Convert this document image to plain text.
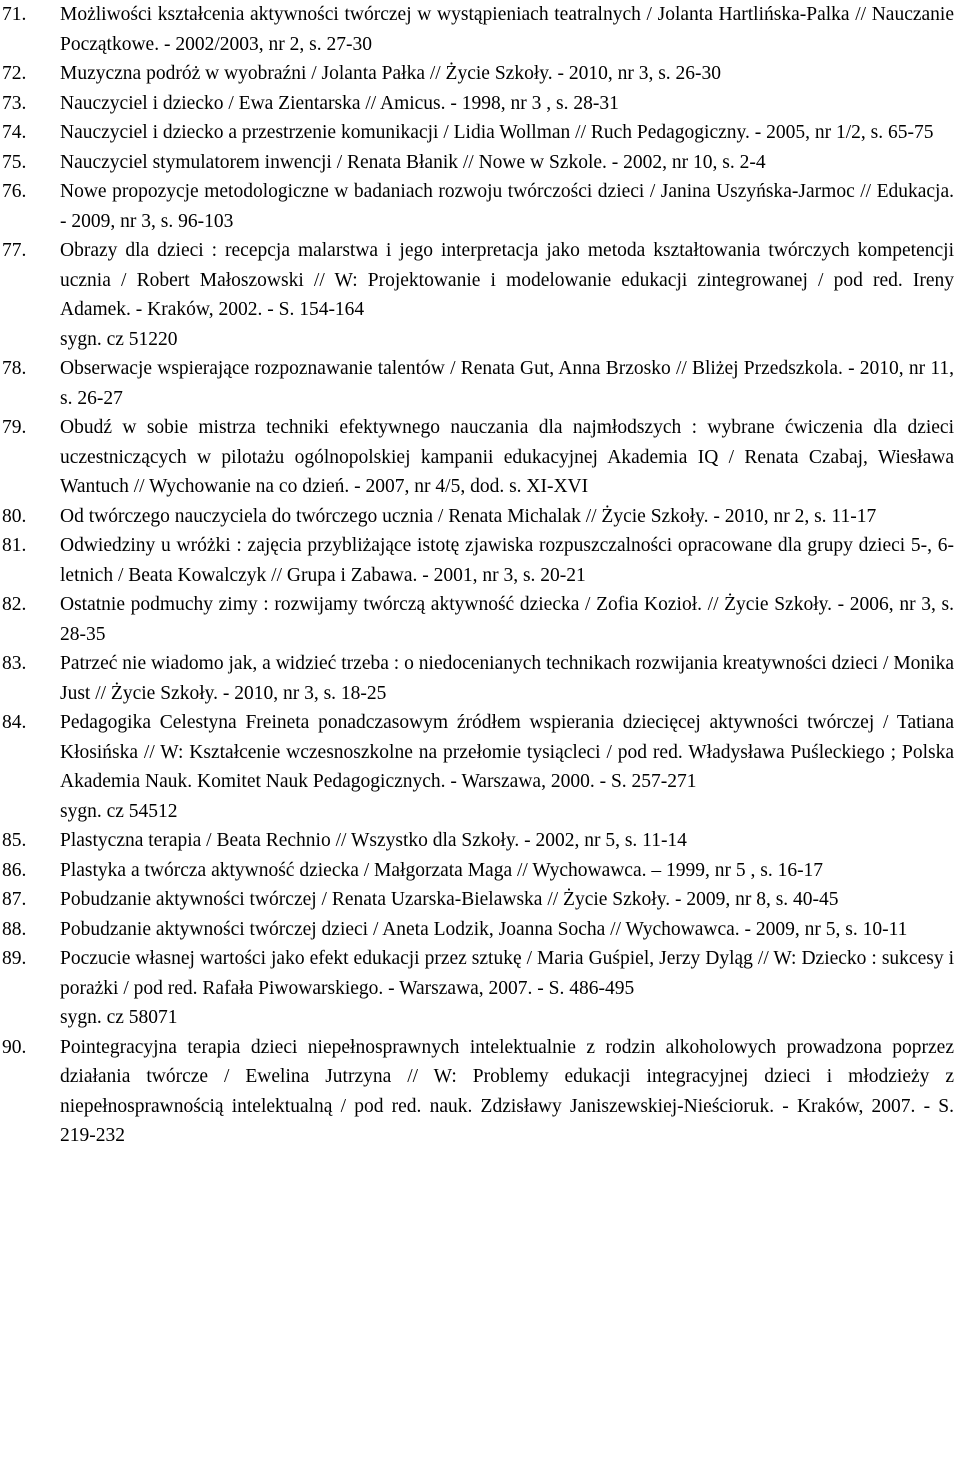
71. Możliwości kształcenia aktywności twórczej w wystąpieniach teatralnych / Jolanta Hartlińska-Palka // Nauczanie Początkowe. - 2002/2003, nr 2, s. 27-30
72. Muzyczna podróż w wyobraźni / Jolanta Pałka // Życie Szkoły. - 2010, nr 3, s. 26-30
73. Nauczyciel i dziecko / Ewa Zientarska // Amicus. - 1998, nr 3 , s. 28-31
74. Nauczyciel i dziecko a przestrzenie komunikacji / Lidia Wollman // Ruch Pedagogiczny. - 2005, nr 1/2, s. 65-75
75. Nauczyciel stymulatorem inwencji / Renata Błanik // Nowe w Szkole. - 2002, nr 10, s. 2-4
76. Nowe propozycje metodologiczne w badaniach rozwoju twórczości dzieci / Janina Uszyńska-Jarmoc // Edukacja. - 2009, nr 3, s. 96-103
77. Obrazy dla dzieci : recepcja malarstwa i jego interpretacja jako metoda kształtowania twórczych kompetencji ucznia / Robert Małoszowski // W: Projektowanie i modelowanie edukacji zintegrowanej / pod red. Ireny Adamek. - Kraków, 2002. - S. 154-164
sygn. cz 51220
78. Obserwacje wspierające rozpoznawanie talentów / Renata Gut, Anna Brzosko // Bliżej Przedszkola. - 2010, nr 11, s. 26-27
79. Obudź w sobie mistrza techniki efektywnego nauczania dla najmłodszych : wybrane ćwiczenia dla dzieci uczestniczących w pilotażu ogólnopolskiej kampanii edukacyjnej Akademia IQ / Renata Czabaj, Wiesława Wantuch // Wychowanie na co dzień. - 2007, nr 4/5, dod. s. XI-XVI
80. Od twórczego nauczyciela do twórczego ucznia / Renata Michalak // Życie Szkoły. - 2010, nr 2, s. 11-17
81. Odwiedziny u wróżki : zajęcia przybliżające istotę zjawiska rozpuszczalności opracowane dla grupy dzieci 5-, 6-letnich / Beata Kowalczyk // Grupa i Zabawa. - 2001, nr 3, s. 20-21
82. Ostatnie podmuchy zimy : rozwijamy twórczą aktywność dziecka / Zofia Kozioł. // Życie Szkoły. - 2006, nr 3, s. 28-35
83. Patrzeć nie wiadomo jak, a widzieć trzeba : o niedocenianych technikach rozwijania kreatywności dzieci / Monika Just // Życie Szkoły. - 2010, nr 3, s. 18-25
84. Pedagogika Celestyna Freineta ponadczasowym źródłem wspierania dziecięcej aktywności twórczej / Tatiana Kłosińska // W: Kształcenie wczesnoszkolne na przełomie tysiącleci / pod red. Władysława Puśleckiego ; Polska Akademia Nauk. Komitet Nauk Pedagogicznych. - Warszawa, 2000. - S. 257-271
sygn. cz 54512
85. Plastyczna terapia / Beata Rechnio // Wszystko dla Szkoły. - 2002, nr 5, s. 11-14
86. Plastyka a twórcza aktywność dziecka / Małgorzata Maga // Wychowawca. – 1999, nr 5 , s. 16-17
87. Pobudzanie aktywności twórczej / Renata Uzarska-Bielawska // Życie Szkoły. - 2009, nr 8, s. 40-45
88. Pobudzanie aktywności twórczej dzieci / Aneta Lodzik, Joanna Socha // Wychowawca. - 2009, nr 5, s. 10-11
89. Poczucie własnej wartości jako efekt edukacji przez sztukę / Maria Guśpiel, Jerzy Dyląg // W: Dziecko : sukcesy i porażki / pod red. Rafała Piwowarskiego. - Warszawa, 2007. - S. 486-495
sygn. cz 58071
90. Pointegracyjna terapia dzieci niepełnosprawnych intelektualnie z rodzin alkoholowych prowadzona poprzez działania twórcze / Ewelina Jutrzyna // W: Problemy edukacji integracyjnej dzieci i młodzieży z niepełnosprawnością intelektualną / pod red. nauk. Zdzisławy Janiszewskiej-Nieścioruk. - Kraków, 2007. - S. 219-232
